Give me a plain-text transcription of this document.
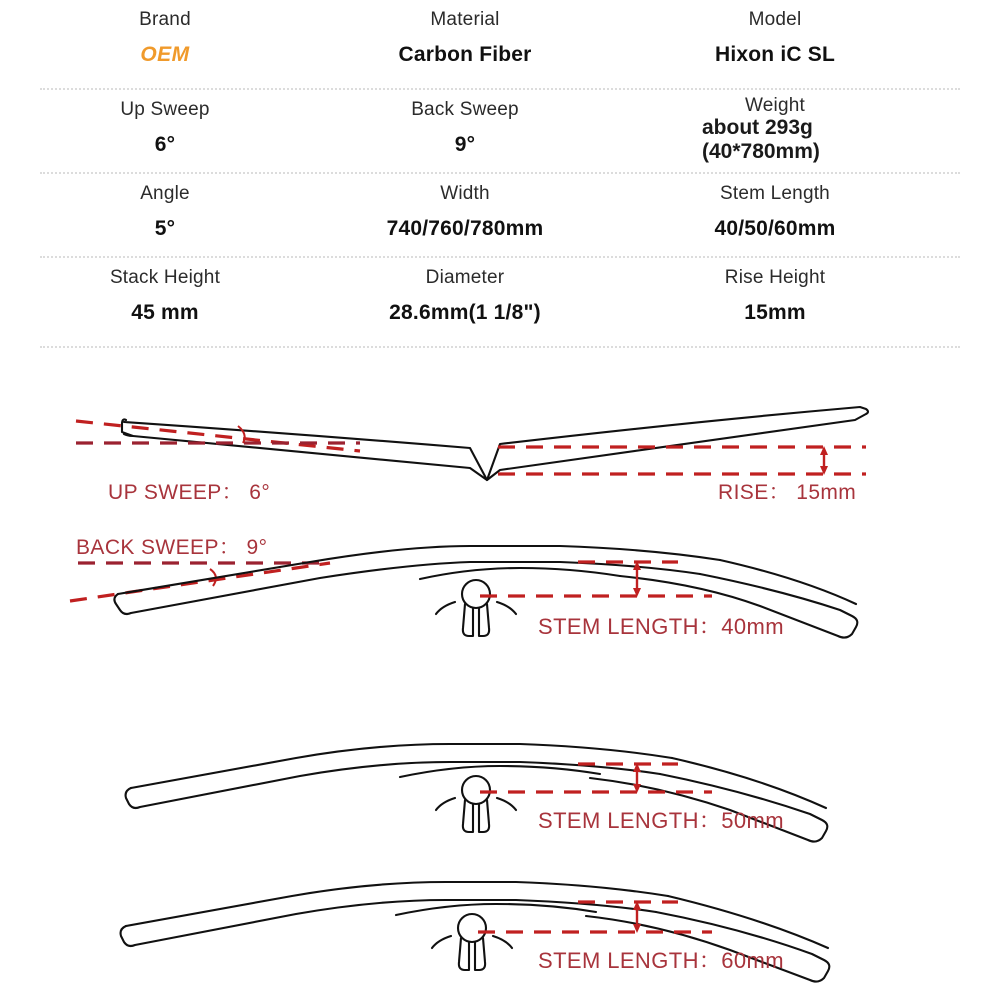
Brand
OEM
Material
Carbon Fiber
Model
Hixon iC SL
Up Sweep
6°
Back Sweep
9°
Weight
about 293g
(40*780mm)
Angle
5°
Width
740/760/780mm
Stem Length
40/50/60mm
Stack Height
45 mm
Diameter
28.6mm(1 1/8")
Rise Height
15mm
UP SWEEP： 6°	RISE： 15mm
BACK SWEEP： 9°
STEM LENGTH：40mm
STEM LENGTH：50mm
STEM LENGTH：60mm
